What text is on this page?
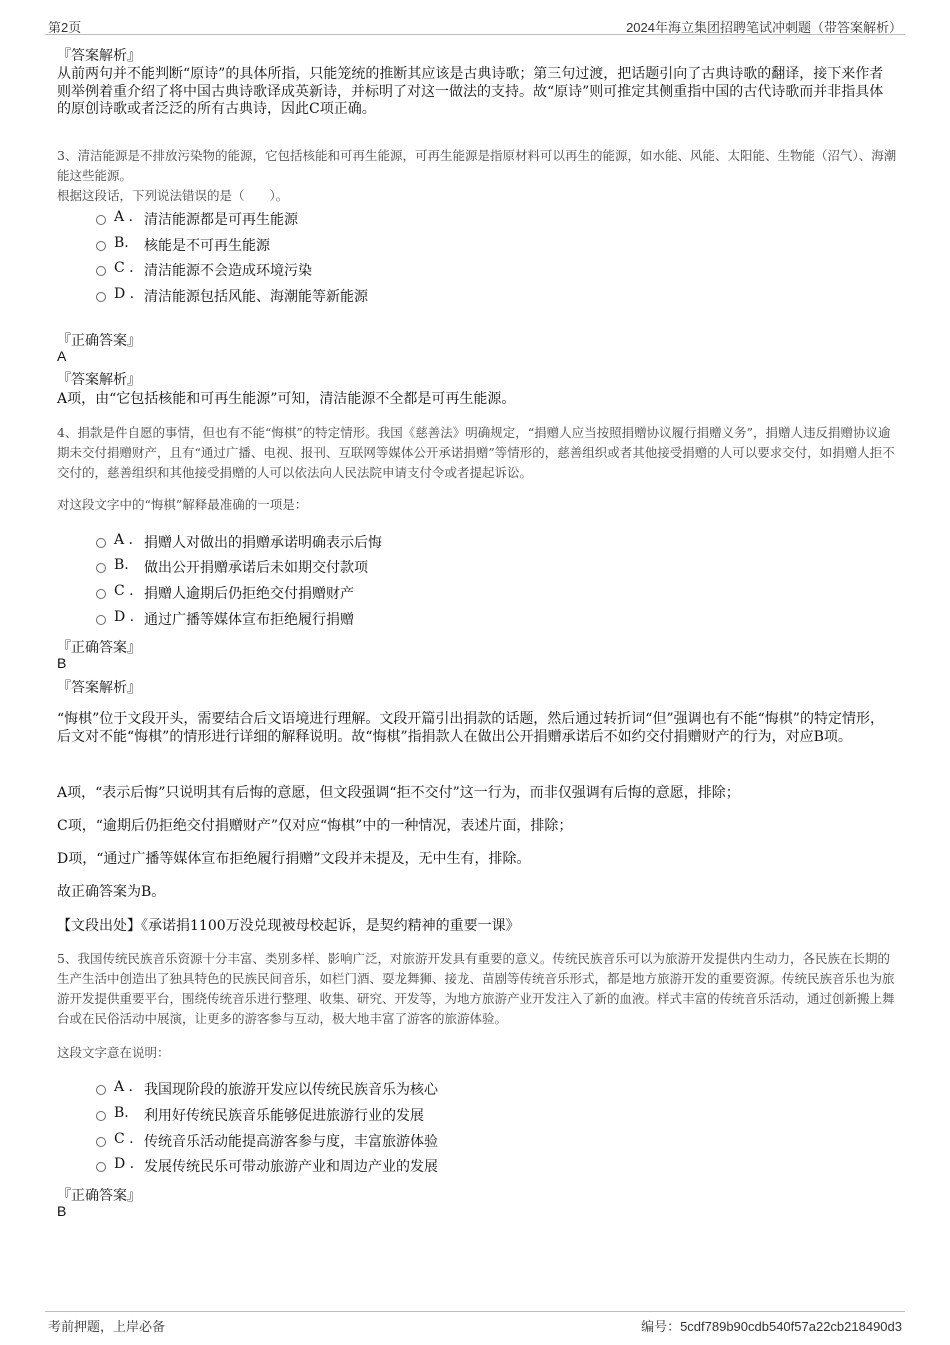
第2页	2024年海立集团招聘笔试冲刺题（带答案解析）
『答案解析』
从前两句并不能判断“原诗”的具体所指，只能笼统的推断其应该是古典诗歌；第三句过渡，把话题引向了古典诗歌的翻译，接下来作者则举例着重介绍了将中国古典诗歌译成英新诗，并标明了对这一做法的支持。故“原诗”则可推定其侧重指中国的古代诗歌而并非指具体的原创诗歌或者泛泛的所有古典诗，因此C项正确。
3、清洁能源是不排放污染物的能源，它包括核能和可再生能源，可再生能源是指原材料可以再生的能源，如水能、风能、太阳能、生物能（沼气）、海潮能这些能源。
根据这段话，下列说法错误的是（　　）。
A . 清洁能源都是可再生能源
B. 核能是不可再生能源
C . 清洁能源不会造成环境污染
D . 清洁能源包括风能、海潮能等新能源
『正确答案』
A
『答案解析』
A项，由“它包括核能和可再生能源”可知，清洁能源不全都是可再生能源。
4、捐款是件自愿的事情，但也有不能“悔棋”的特定情形。我国《慈善法》明确规定，“捐赠人应当按照捐赠协议履行捐赠义务”，捐赠人违反捐赠协议逾期未交付捐赠财产，且有“通过广播、电视、报刊、互联网等媒体公开承诺捐赠”等情形的，慈善组织或者其他接受捐赠的人可以要求交付，如捐赠人拒不交付的，慈善组织和其他接受捐赠的人可以依法向人民法院申请支付令或者提起诉讼。
对这段文字中的“悔棋”解释最准确的一项是：
A . 捐赠人对做出的捐赠承诺明确表示后悔
B. 做出公开捐赠承诺后未如期交付款项
C . 捐赠人逾期后仍拒绝交付捐赠财产
D . 通过广播等媒体宣布拒绝履行捐赠
『正确答案』
B
『答案解析』
“悔棋”位于文段开头，需要结合后文语境进行理解。文段开篇引出捐款的话题，然后通过转折词“但”强调也有不能“悔棋”的特定情形，后文对不能“悔棋”的情形进行详细的解释说明。故“悔棋”指捐款人在做出公开捐赠承诺后不如约交付捐赠财产的行为，对应B项。
A项，“表示后悔”只说明其有后悔的意愿，但文段强调“拒不交付”这一行为，而非仅强调有后悔的意愿，排除；
C项，“逾期后仍拒绝交付捐赠财产”仅对应“悔棋”中的一种情况，表述片面，排除；
D项，“通过广播等媒体宣布拒绝履行捐赠”文段并未提及，无中生有，排除。
故正确答案为B。
【文段出处】《承诺捐1100万没兑现被母校起诉，是契约精神的重要一课》
5、我国传统民族音乐资源十分丰富、类别多样、影响广泛，对旅游开发具有重要的意义。传统民族音乐可以为旅游开发提供内生动力，各民族在长期的生产生活中创造出了独具特色的民族民间音乐，如栏门酒、耍龙舞狮、接龙、苗剧等传统音乐形式，都是地方旅游开发的重要资源。传统民族音乐也为旅游开发提供重要平台，围绕传统音乐进行整理、收集、研究、开发等，为地方旅游产业开发注入了新的血液。样式丰富的传统音乐活动，通过创新搬上舞台或在民俗活动中展演，让更多的游客参与互动，极大地丰富了游客的旅游体验。
这段文字意在说明：
A . 我国现阶段的旅游开发应以传统民族音乐为核心
B. 利用好传统民族音乐能够促进旅游行业的发展
C . 传统音乐活动能提高游客参与度，丰富旅游体验
D . 发展传统民乐可带动旅游产业和周边产业的发展
『正确答案』
B
考前押题，上岸必备	编号：5cdf789b90cdb540f57a22cb218490d3
